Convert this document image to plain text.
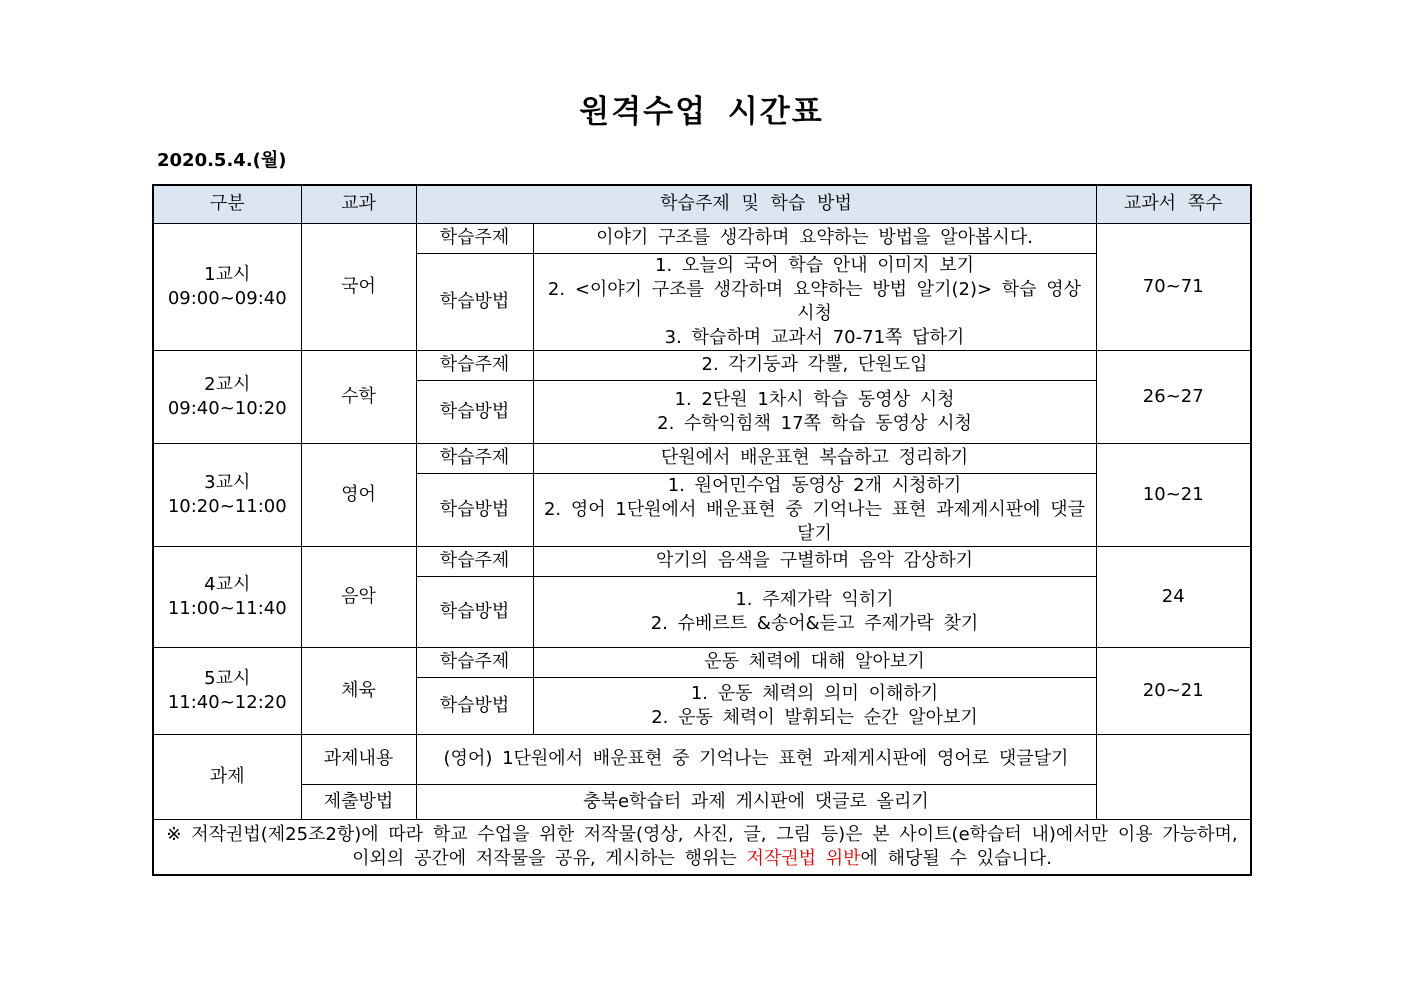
원격수업 시간표
2020.5.4.(월)
구분	교과	학습주제 및 학습 방법		교과서 쪽수

1교시
09:00~09:40	국어	학습주제	이야기 구조를 생각하며 요약하는 방법을 알아봅시다.	70~71
		학습방법	1. 오늘의 국어 학습 안내 이미지 보기
2. <이야기 구조를 생각하며 요약하는 방법 알기(2)> 학습 영상 시청
3. 학습하며 교과서 70-71쪽 답하기	

2교시
09:40~10:20	수학	학습주제	2. 각기둥과 각뿔, 단원도입	26~27
		학습방법	1. 2단원 1차시 학습 동영상 시청
2. 수학익힘책 17쪽 학습 동영상 시청	

3교시
10:20~11:00	영어	학습주제	단원에서 배운표현 복습하고 정리하기	10~21
		학습방법	1. 원어민수업 동영상 2개 시청하기
2. 영어 1단원에서 배운표현 중 기억나는 표현 과제게시판에 댓글달기	

4교시
11:00~11:40	음악	학습주제	악기의 음색을 구별하며 음악 감상하기	24
		학습방법	1. 주제가락 익히기
2. 슈베르트 &송어&듣고 주제가락 찾기	

5교시
11:40~12:20	체육	학습주제	운동 체력에 대해 알아보기	20~21
		학습방법	1. 운동 체력의 의미 이해하기
2. 운동 체력이 발휘되는 순간 알아보기	

과제	과제내용	(영어) 1단원에서 배운표현 중 기억나는 표현 과제게시판에 영어로 댓글달기		
	제출방법	충북e학습터 과제 게시판에 댓글로 올리기		
※ 저작권법(제25조2항)에 따라 학교 수업을 위한 저작물(영상, 사진, 글, 그림 등)은 본 사이트(e학습터 내)에서만 이용 가능하며, 이외의 공간에 저작물을 공유, 게시하는 행위는 저작권법 위반에 해당될 수 있습니다.				
